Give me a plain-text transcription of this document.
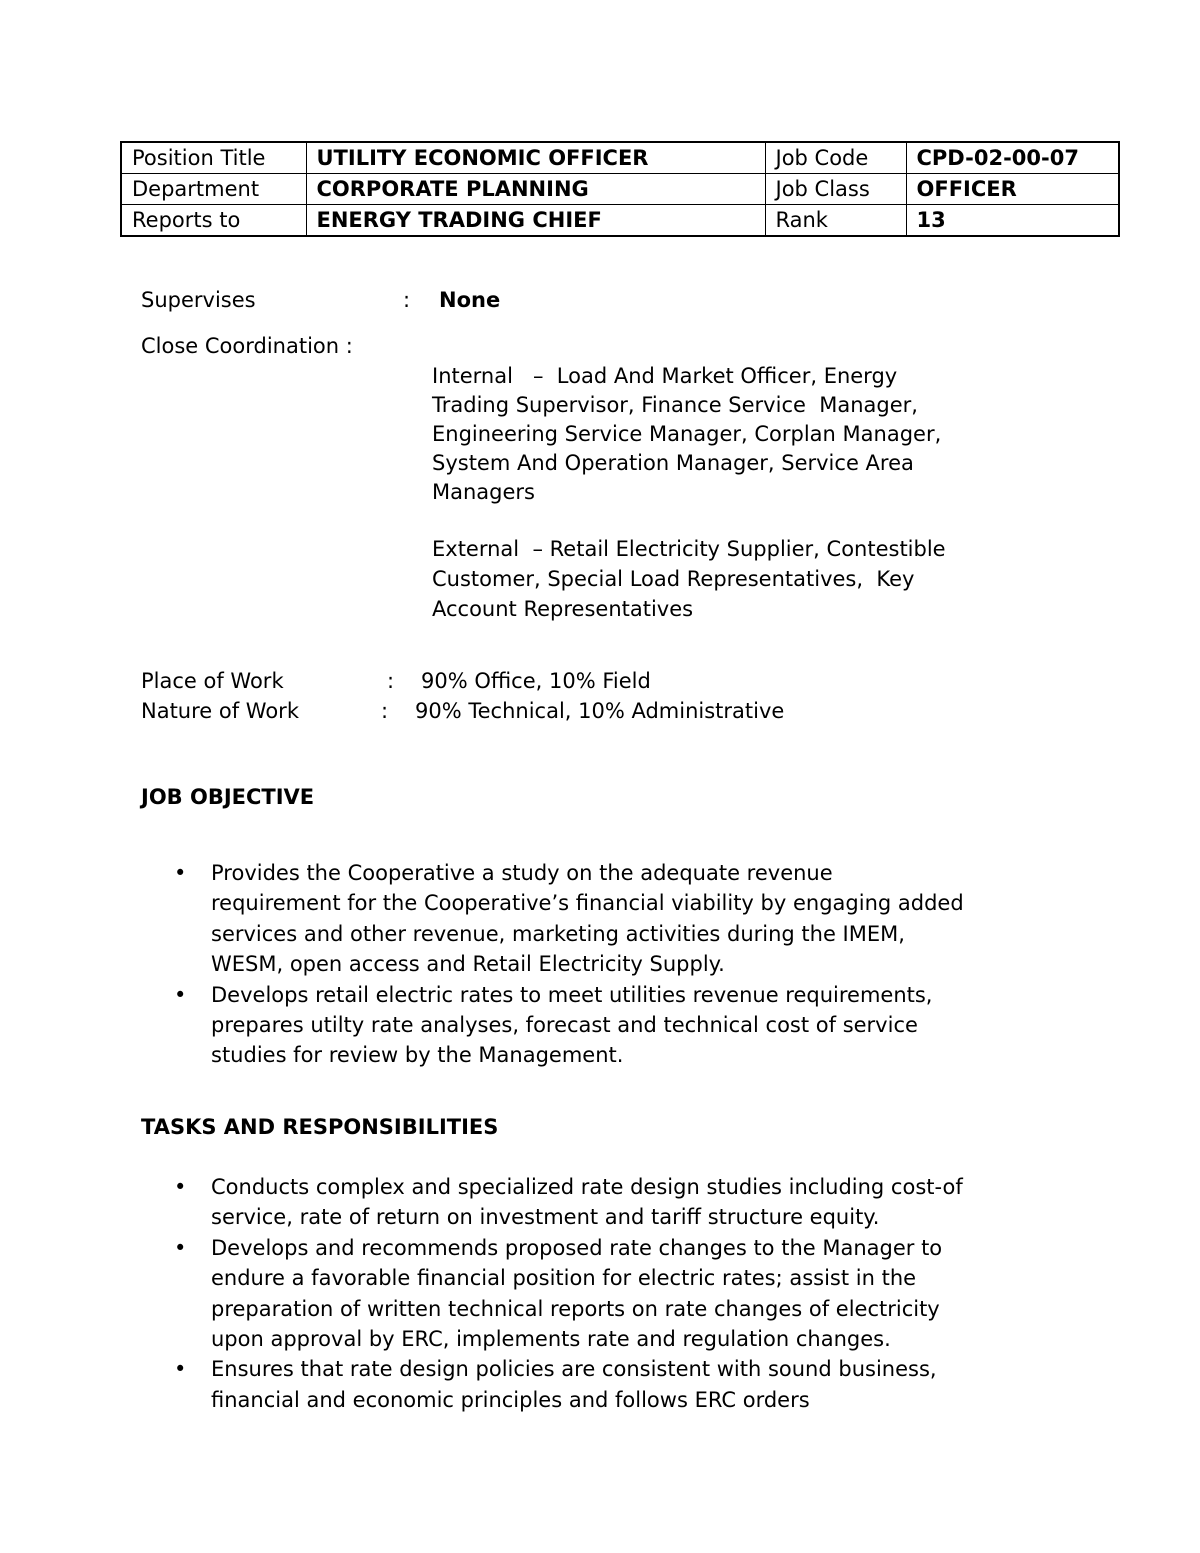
Position Title	UTILITY ECONOMIC OFFICER	Job Code	CPD-02-00-07
Department	CORPORATE PLANNING	Job Class	OFFICER
Reports to	ENERGY TRADING CHIEF	Rank	13
Supervises	: None
Close Coordination :
Internal   –  Load And Market Officer, Energy
Trading Supervisor, Finance Service  Manager,
Engineering Service Manager, Corplan Manager,
System And Operation Manager, Service Area
Managers
External  – Retail Electricity Supplier, Contestible
Customer, Special Load Representatives,  Key
Account Representatives
Place of Work	: 90% Office, 10% Field
Nature of Work	: 90% Technical, 10% Administrative
JOB OBJECTIVE
• Provides the Cooperative a study on the adequate revenue
requirement for the Cooperative’s financial viability by engaging added
services and other revenue, marketing activities during the IMEM,
WESM, open access and Retail Electricity Supply.
• Develops retail electric rates to meet utilities revenue requirements,
prepares utilty rate analyses, forecast and technical cost of service
studies for review by the Management.
TASKS AND RESPONSIBILITIES
• Conducts complex and specialized rate design studies including cost-of
service, rate of return on investment and tariff structure equity.
• Develops and recommends proposed rate changes to the Manager to
endure a favorable financial position for electric rates; assist in the
preparation of written technical reports on rate changes of electricity
upon approval by ERC, implements rate and regulation changes.
• Ensures that rate design policies are consistent with sound business,
financial and economic principles and follows ERC orders
